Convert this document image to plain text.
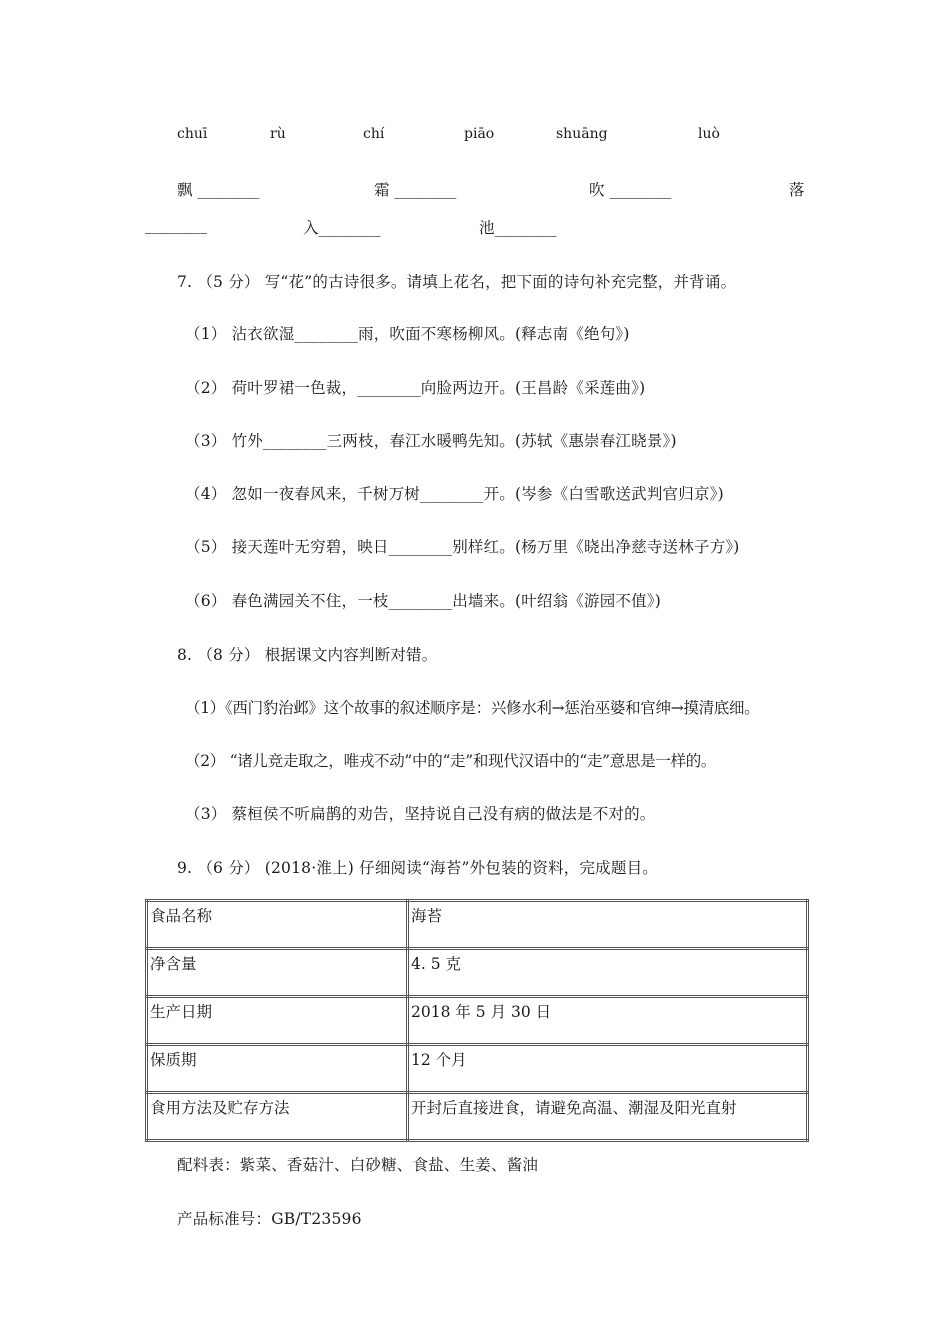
chuī	rù	chí	piāo	shuāng	luò
飘 ________	霜 ________	吹 ________	落
________	入________	池________
7. （5 分） 写“花”的古诗很多。请填上花名，把下面的诗句补充完整，并背诵。
（1） 沾衣欲湿________雨，吹面不寒杨柳风。(释志南《绝句》)
（2） 荷叶罗裙一色裁，________向脸两边开。(王昌龄《采莲曲》)
（3） 竹外________三两枝，春江水暖鸭先知。(苏轼《惠崇春江晓景》)
（4） 忽如一夜春风来，千树万树________开。(岑参《白雪歌送武判官归京》)
（5） 接天莲叶无穷碧，映日________别样红。(杨万里《晓出净慈寺送林子方》)
（6） 春色满园关不住，一枝________出墙来。(叶绍翁《游园不值》)
8. （8 分） 根据课文内容判断对错。
（1）《西门豹治邺》这个故事的叙述顺序是：兴修水利→惩治巫婆和官绅→摸清底细。
（2） “诸儿竞走取之，唯戎不动”中的“走”和现代汉语中的“走”意思是一样的。
（3） 蔡桓侯不听扁鹊的劝告，坚持说自己没有病的做法是不对的。
9. （6 分） (2018·淮上) 仔细阅读“海苔”外包装的资料，完成题目。
食品名称	海苔
净含量	4. 5 克
生产日期	2018 年 5 月 30 日
保质期	12 个月
食用方法及贮存方法	开封后直接进食，请避免高温、潮湿及阳光直射
配料表：紫菜、香菇汁、白砂糖、食盐、生姜、酱油
产品标准号：GB/T23596
